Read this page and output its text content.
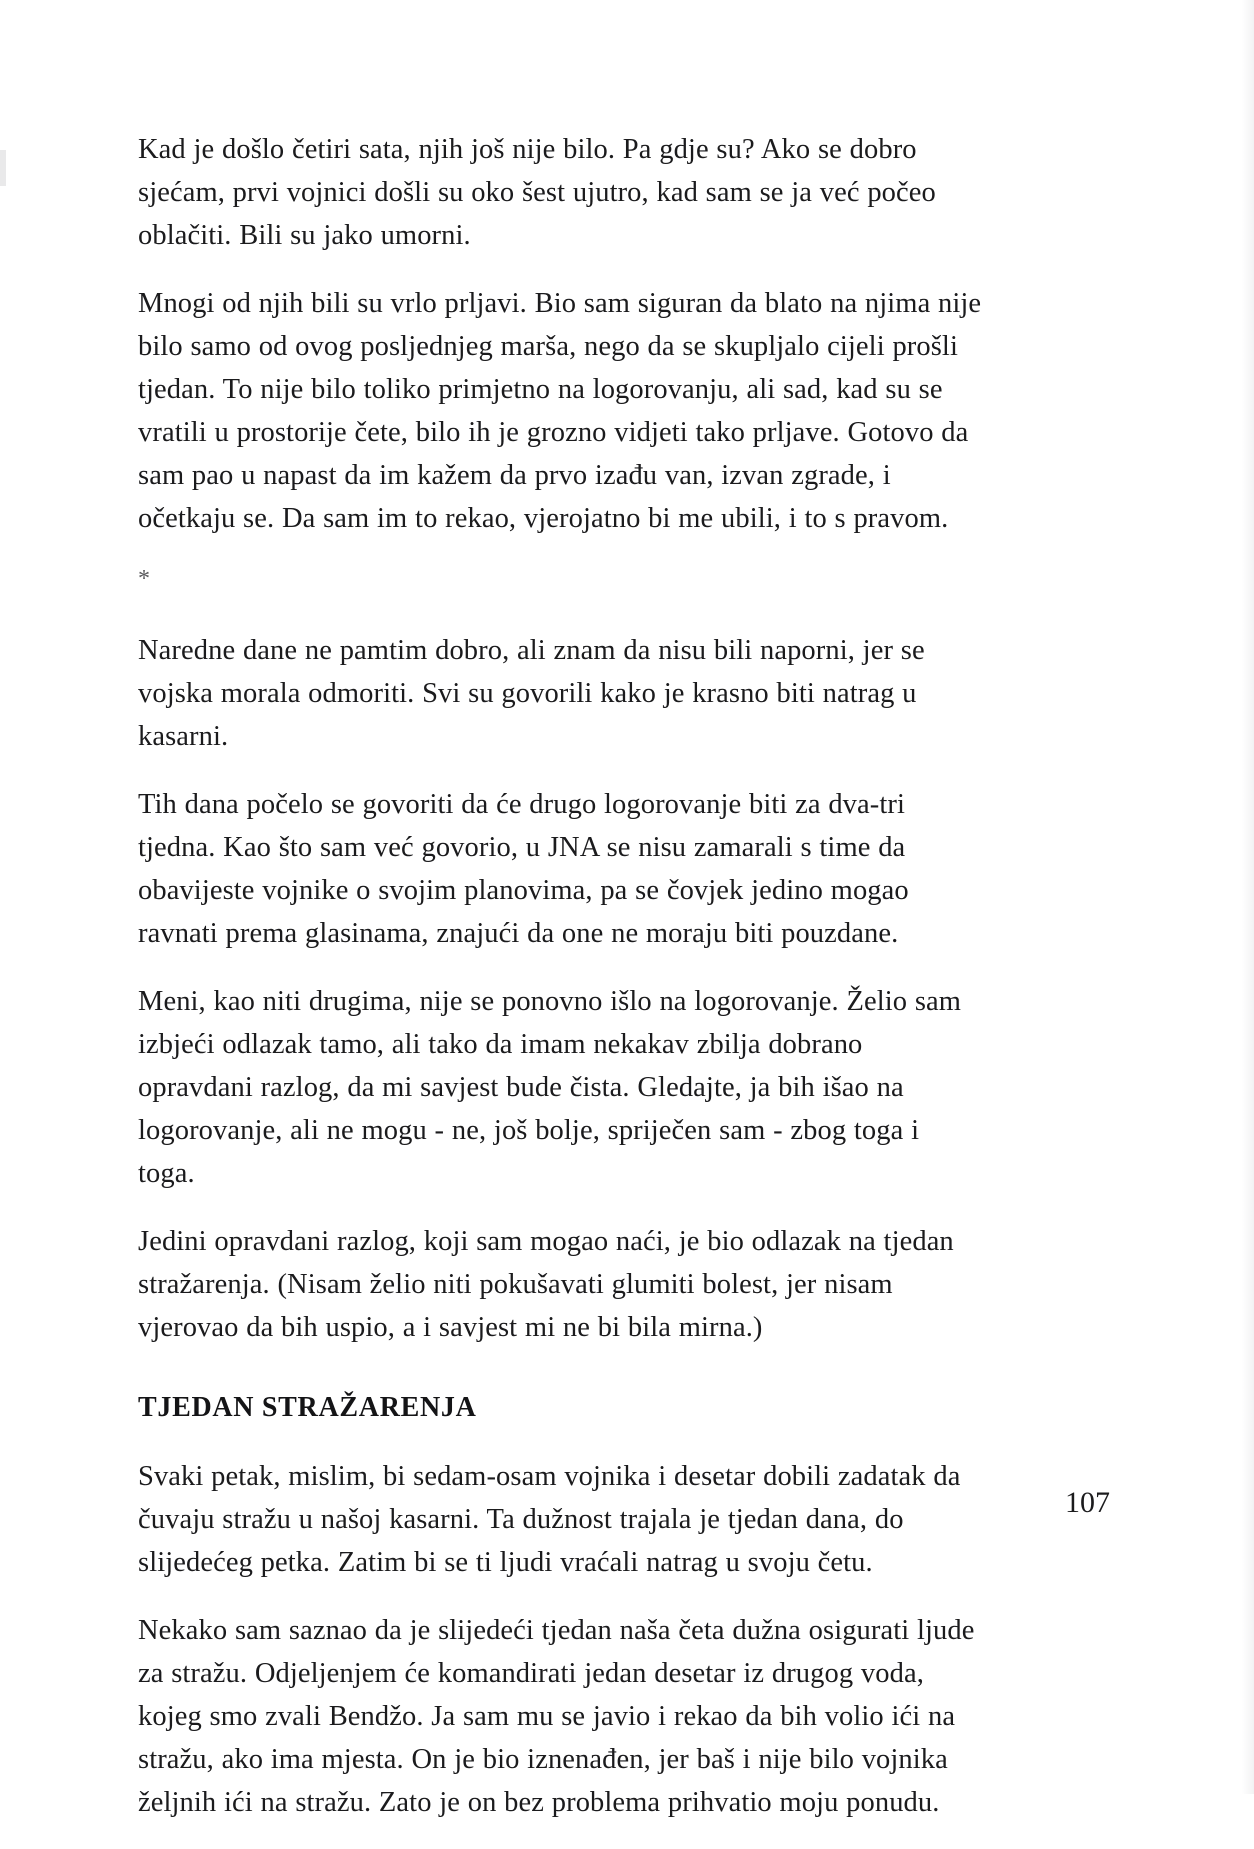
Kad je došlo četiri sata, njih još nije bilo. Pa gdje su? Ako se dobro sjećam, prvi vojnici došli su oko šest ujutro, kad sam se ja već počeo oblačiti. Bili su jako umorni.

Mnogi od njih bili su vrlo prljavi. Bio sam siguran da blato na njima nije bilo samo od ovog posljednjeg marša, nego da se skupljalo cijeli prošli tjedan. To nije bilo toliko primjetno na logorovanju, ali sad, kad su se vratili u prostorije čete, bilo ih je grozno vidjeti tako prljave. Gotovo da sam pao u napast da im kažem da prvo izađu van, izvan zgrade, i očetkaju se. Da sam im to rekao, vjerojatno bi me ubili, i to s pravom.

*

Naredne dane ne pamtim dobro, ali znam da nisu bili naporni, jer se vojska morala odmoriti. Svi su govorili kako je krasno biti natrag u kasarni.

Tih dana počelo se govoriti da će drugo logorovanje biti za dva-tri tjedna. Kao što sam već govorio, u JNA se nisu zamarali s time da obavijeste vojnike o svojim planovima, pa se čovjek jedino mogao ravnati prema glasinama, znajući da one ne moraju biti pouzdane.

Meni, kao niti drugima, nije se ponovno išlo na logorovanje. Želio sam izbjeći odlazak tamo, ali tako da imam nekakav zbilja dobrano opravdani razlog, da mi savjest bude čista. Gledajte, ja bih išao na logorovanje, ali ne mogu - ne, još bolje, spriječen sam - zbog toga i toga.

Jedini opravdani razlog, koji sam mogao naći, je bio odlazak na tjedan stražarenja. (Nisam želio niti pokušavati glumiti bolest, jer nisam vjerovao da bih uspio, a i savjest mi ne bi bila mirna.)

TJEDAN STRAŽARENJA

Svaki petak, mislim, bi sedam-osam vojnika i desetar dobili zadatak da čuvaju stražu u našoj kasarni. Ta dužnost trajala je tjedan dana, do slijedećeg petka. Zatim bi se ti ljudi vraćali natrag u svoju četu.

Nekako sam saznao da je slijedeći tjedan naša četa dužna osigurati ljude za stražu. Odjeljenjem će komandirati jedan desetar iz drugog voda, kojeg smo zvali Bendžo. Ja sam mu se javio i rekao da bih volio ići na stražu, ako ima mjesta. On je bio iznenađen, jer baš i nije bilo vojnika željnih ići na stražu. Zato je on bez problema prihvatio moju ponudu.

107
